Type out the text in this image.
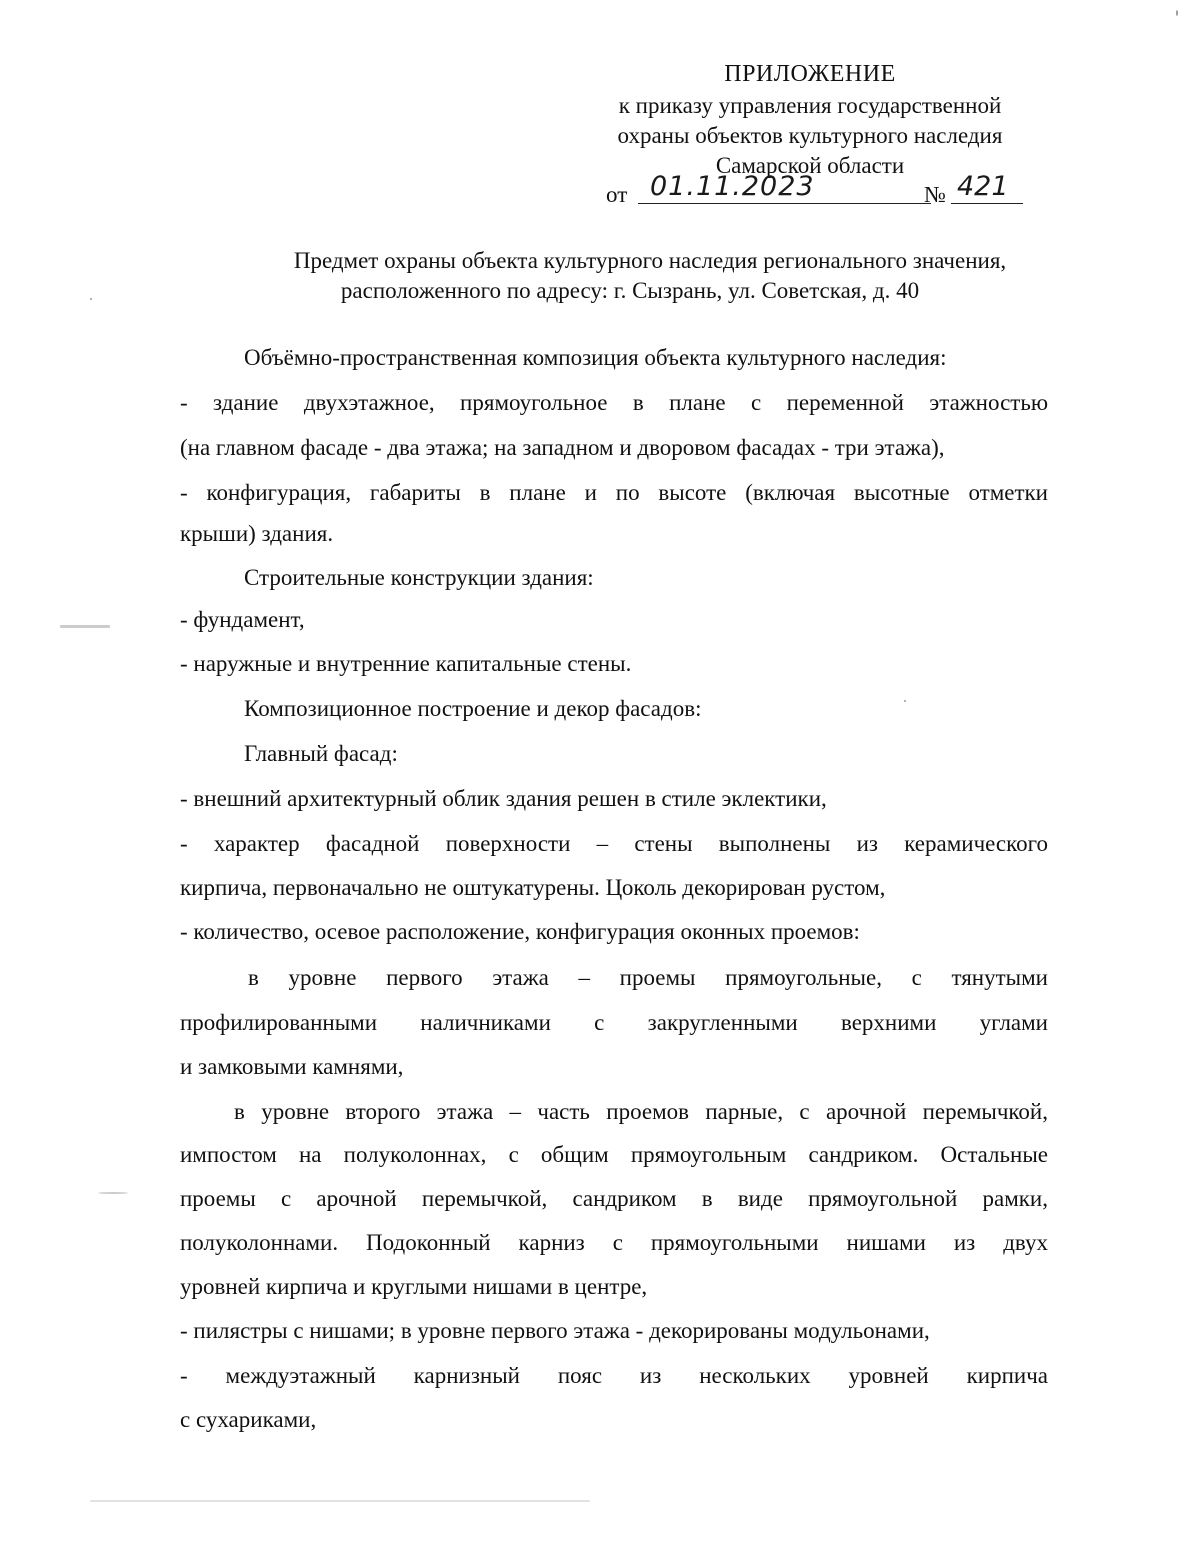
ПРИЛОЖЕНИЕ
к приказу управления государственной
охраны объектов культурного наследия
Самарской области
от 01.11.2023	№ 421
Предмет охраны объекта культурного наследия регионального значения,
расположенного по адресу: г. Сызрань, ул. Советская, д. 40
Объёмно-пространственная композиция объекта культурного наследия:
- здание двухэтажное, прямоугольное в плане с переменной этажностью
(на главном фасаде - два этажа; на западном и дворовом фасадах - три этажа),
- конфигурация, габариты в плане и по высоте (включая высотные отметки
крыши) здания.
Строительные конструкции здания:
- фундамент,
- наружные и внутренние капитальные стены.
Композиционное построение и декор фасадов:
Главный фасад:
- внешний архитектурный облик здания решен в стиле эклектики,
- характер фасадной поверхности – стены выполнены из керамического
кирпича, первоначально не оштукатурены. Цоколь декорирован рустом,
- количество, осевое расположение, конфигурация оконных проемов:
в уровне первого этажа – проемы прямоугольные, с тянутыми
профилированными наличниками с закругленными верхними углами
и замковыми камнями,
в уровне второго этажа – часть проемов парные, с арочной перемычкой,
импостом на полуколоннах, с общим прямоугольным сандриком. Остальные
проемы с арочной перемычкой, сандриком в виде прямоугольной рамки,
полуколоннами. Подоконный карниз с прямоугольными нишами из двух
уровней кирпича и круглыми нишами в центре,
- пилястры с нишами; в уровне первого этажа - декорированы модульонами,
- междуэтажный карнизный пояс из нескольких уровней кирпича
с сухариками,
